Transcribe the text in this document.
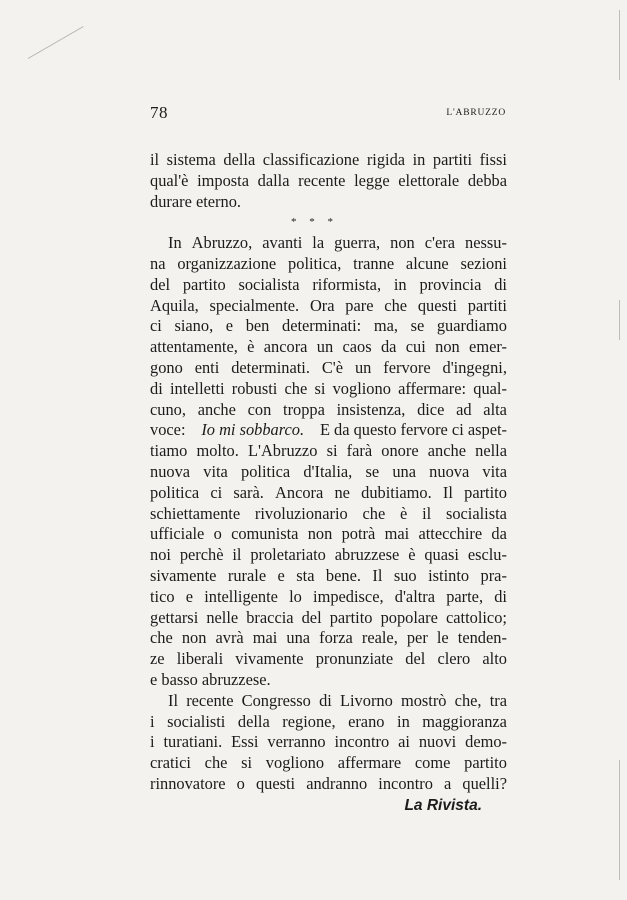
78	L'ABRUZZO
il sistema della classificazione rigida in partiti fissi
qual'è imposta dalla recente legge elettorale debba
durare eterno.
* * *
In Abruzzo, avanti la guerra, non c'era nessu-
na organizzazione politica, tranne alcune sezioni
del partito socialista riformista, in provincia di
Aquila, specialmente. Ora pare che questi partiti
ci siano, e ben determinati: ma, se guardiamo
attentamente, è ancora un caos da cui non emer-
gono enti determinati. C'è un fervore d'ingegni,
di intelletti robusti che si vogliono affermare: qual-
cuno, anche con troppa insistenza, dice ad alta
voce: Io mi sobbarco. E da questo fervore ci aspet-
tiamo molto. L'Abruzzo si farà onore anche nella
nuova vita politica d'Italia, se una nuova vita
politica ci sarà. Ancora ne dubitiamo. Il partito
schiettamente rivoluzionario che è il socialista
ufficiale o comunista non potrà mai attecchire da
noi perchè il proletariato abruzzese è quasi esclu-
sivamente rurale e sta bene. Il suo istinto pra-
tico e intelligente lo impedisce, d'altra parte, di
gettarsi nelle braccia del partito popolare cattolico;
che non avrà mai una forza reale, per le tenden-
ze liberali vivamente pronunziate del clero alto
e basso abruzzese.
Il recente Congresso di Livorno mostrò che, tra
i socialisti della regione, erano in maggioranza
i turatiani. Essi verranno incontro ai nuovi demo-
cratici che si vogliono affermare come partito
rinnovatore o questi andranno incontro a quelli?
La Rivista.
